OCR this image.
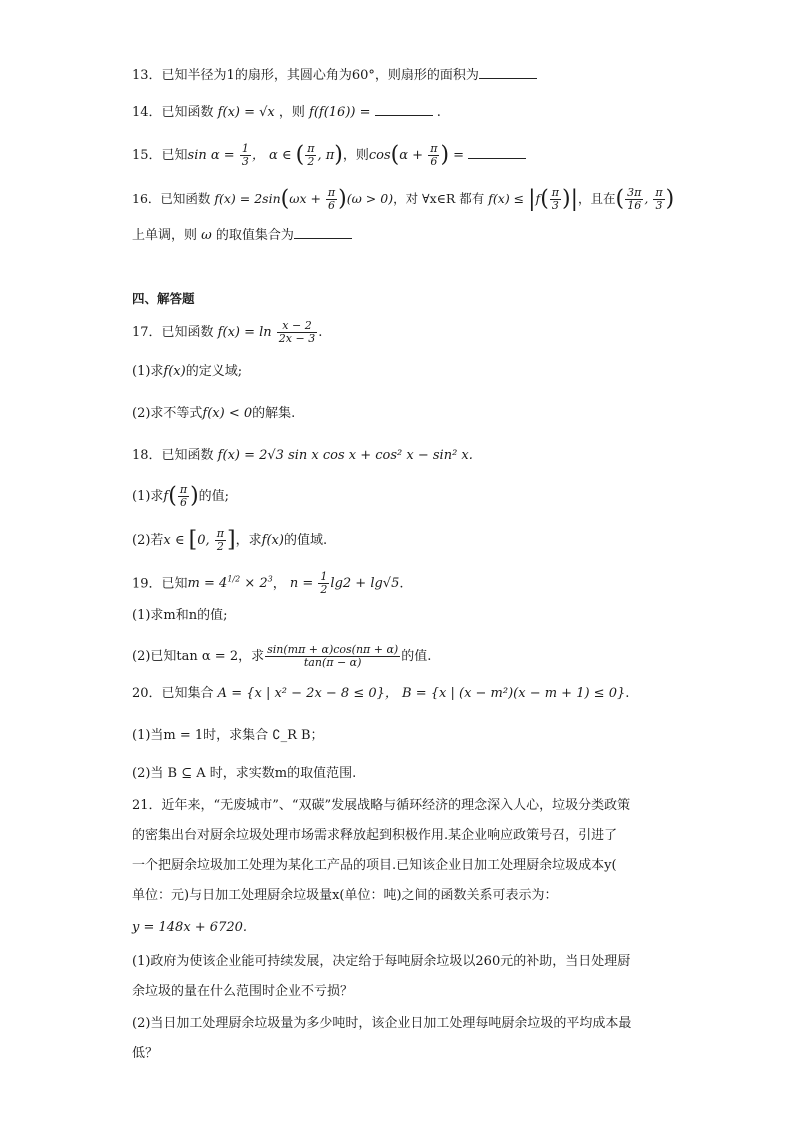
13．已知半径为1的扇形，其圆心角为60°，则扇形的面积为
14．已知函数 f(x) = √x ，则 f(f(16)) =	.
15．已知$\sin \alpha = \frac{1}{3}$ ， α ∈ ( $\frac{\pi}{2}$ , π)，则$\cos(\alpha + \frac{\pi}{6}$ ) =
16．已知函数 $f(x) = 2\sin(\omega x + \frac{\pi}{6} )(\omega > 0)$，对 ∀x∈R 都有 $f(x) \le |f( \frac{\pi}{3}$ )|，且在( $\frac{3\pi}{16}$ , $\frac{\pi}{3}$ )
上单调，则 ω 的取值集合为
四、解答题
17．已知函数 $f(x) = \ln \frac{x - 2}{2x - 3}$ .
(1)求f(x)的定义域;
(2)求不等式f(x) < 0的解集.
18．已知函数 f(x) = 2√3 sin x cos x + cos² x − sin² x.
(1)求$f( \frac{\pi}{6}$ )的值;
(2)若x ∈ [0, $\frac{\pi}{2}$ ]，求f(x)的值域.
19．已知$m = 4^{1/2} \times 2^3$， $n = \frac{1}{2} \lg 2 + \lg√5$.
(1)求m和n的值;
(2)已知tan α = 2，求 $\frac{\sin(m\pi + \alpha)\cos(n\pi + \alpha)}{\tan(\pi - \alpha)}$ 的值.
20．已知集合 A = {x | x² − 2x − 8 ≤ 0}， B = {x | (x − m²)(x − m + 1) ≤ 0}.
(1)当m = 1时，求集合 ∁_R B；
(2)当 B ⊆ A 时，求实数m的取值范围.
21．近年来，“无废城市”、“双碳”发展战略与循环经济的理念深入人心，垃圾分类政策
的密集出台对厨余垃圾处理市场需求释放起到积极作用.某企业响应政策号召，引进了
一个把厨余垃圾加工处理为某化工产品的项目.已知该企业日加工处理厨余垃圾成本y(
单位：元)与日加工处理厨余垃圾量x(单位：吨)之间的函数关系可表示为：
y = 148x + 6720.
(1)政府为使该企业能可持续发展，决定给于每吨厨余垃圾以260元的补助，当日处理厨
余垃圾的量在什么范围时企业不亏损？
(2)当日加工处理厨余垃圾量为多少吨时，该企业日加工处理每吨厨余垃圾的平均成本最
低？
